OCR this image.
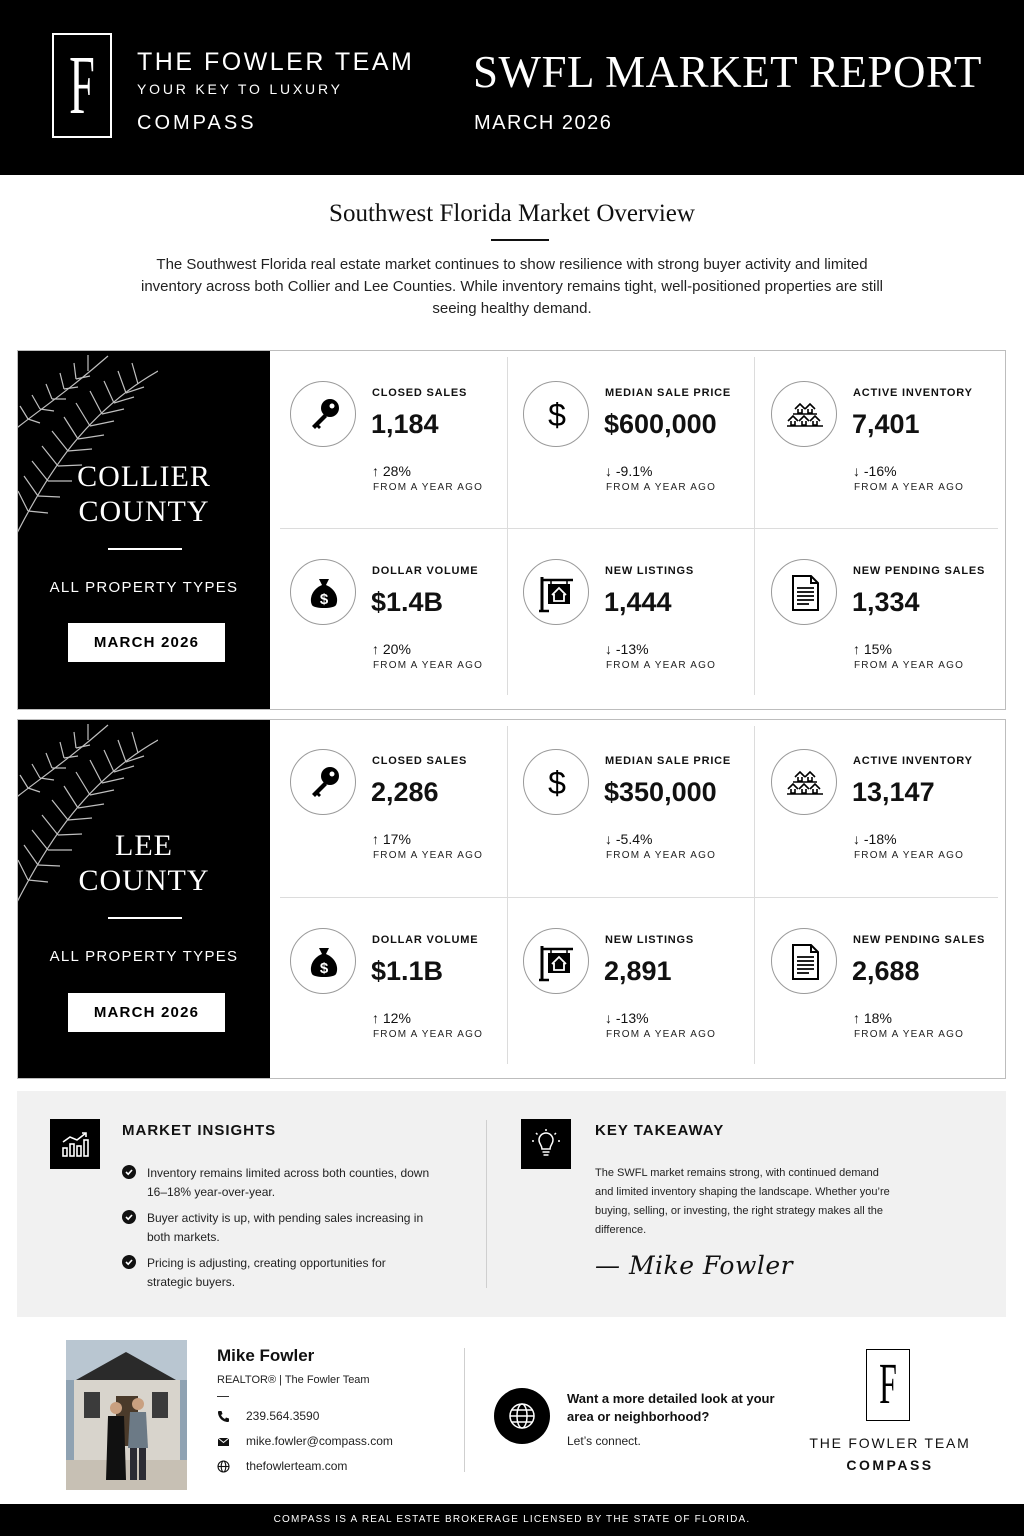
F THE FOWLER TEAM
YOUR KEY TO LUXURY
COMPASS
SWFL MARKET REPORT
MARCH 2026
Southwest Florida Market Overview
The Southwest Florida real estate market continues to show resilience with strong buyer activity and limited inventory across both Collier and Lee Counties. While inventory remains tight, well-positioned properties are still seeing healthy demand.
COLLIER
COUNTY
ALL PROPERTY TYPES
MARCH 2026
CLOSED SALES
1,184
↑ 28%
FROM A YEAR AGO
MEDIAN SALE PRICE
$600,000
↓ -9.1%
FROM A YEAR AGO
ACTIVE INVENTORY
7,401
↓ -16%
FROM A YEAR AGO
DOLLAR VOLUME
$1.4B
↑ 20%
FROM A YEAR AGO
NEW LISTINGS
1,444
↓ -13%
FROM A YEAR AGO
NEW PENDING SALES
1,334
↑ 15%
FROM A YEAR AGO
LEE
COUNTY
ALL PROPERTY TYPES
MARCH 2026
CLOSED SALES
2,286
↑ 17%
FROM A YEAR AGO
MEDIAN SALE PRICE
$350,000
↓ -5.4%
FROM A YEAR AGO
ACTIVE INVENTORY
13,147
↓ -18%
FROM A YEAR AGO
DOLLAR VOLUME
$1.1B
↑ 12%
FROM A YEAR AGO
NEW LISTINGS
2,891
↓ -13%
FROM A YEAR AGO
NEW PENDING SALES
2,688
↑ 18%
FROM A YEAR AGO
MARKET INSIGHTS
Inventory remains limited across both counties, down 16–18% year-over-year.
Buyer activity is up, with pending sales increasing in both markets.
Pricing is adjusting, creating opportunities for strategic buyers.
KEY TAKEAWAY
The SWFL market remains strong, with continued demand and limited inventory shaping the landscape. Whether you’re buying, selling, or investing, the right strategy makes all the difference.
— Mike Fowler
Mike Fowler
REALTOR® | The Fowler Team
239.564.3590
mike.fowler@compass.com
thefowlerteam.com
Want a more detailed look at your area or neighborhood?
Let’s connect.
F
THE FOWLER TEAM
COMPASS
COMPASS IS A REAL ESTATE BROKERAGE LICENSED BY THE STATE OF FLORIDA.
